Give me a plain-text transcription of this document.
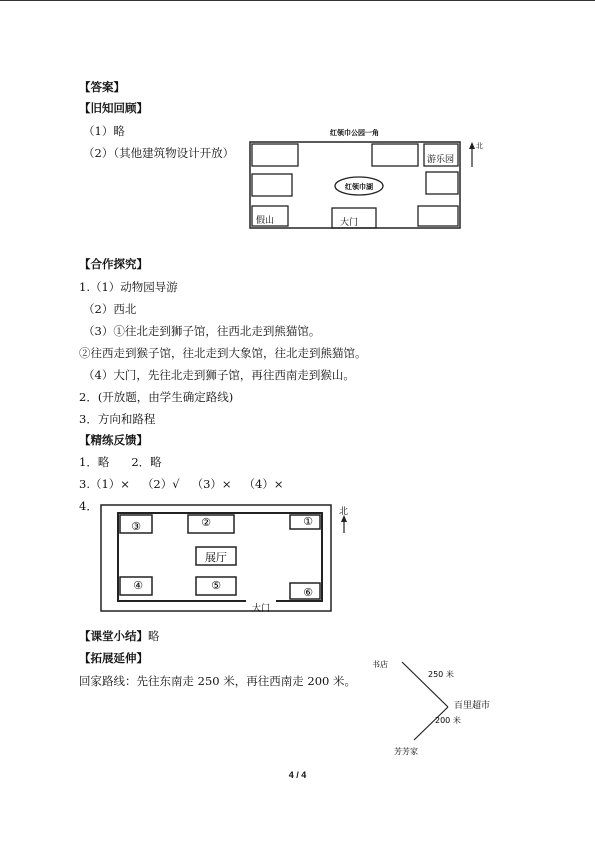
【答案】
【旧知回顾】
（1）略
（2）（其他建筑物设计开放）
红领巾公园一角
游乐园
红领巾湖
假山	大门
北
【合作探究】
1.（1）动物园导游
（2）西北
（3）①往北走到狮子馆，往西北走到熊猫馆。
②往西走到猴子馆，往北走到大象馆，往北走到熊猫馆。
（4）大门，先往北走到狮子馆，再往西南走到猴山。
2．(开放题，由学生确定路线)
3．方向和路程
【精练反馈】
1．略 2．略
3.（1）× （2）√ （3）× （4）×
4．
③	②	①
展厅
④	⑤
⑥
大门
北
【课堂小结】略
【拓展延伸】
回家路线：先往东南走 250 米，再往西南走 200 米。
书店
250 米
百里超市
200 米
芳芳家
4 / 4
